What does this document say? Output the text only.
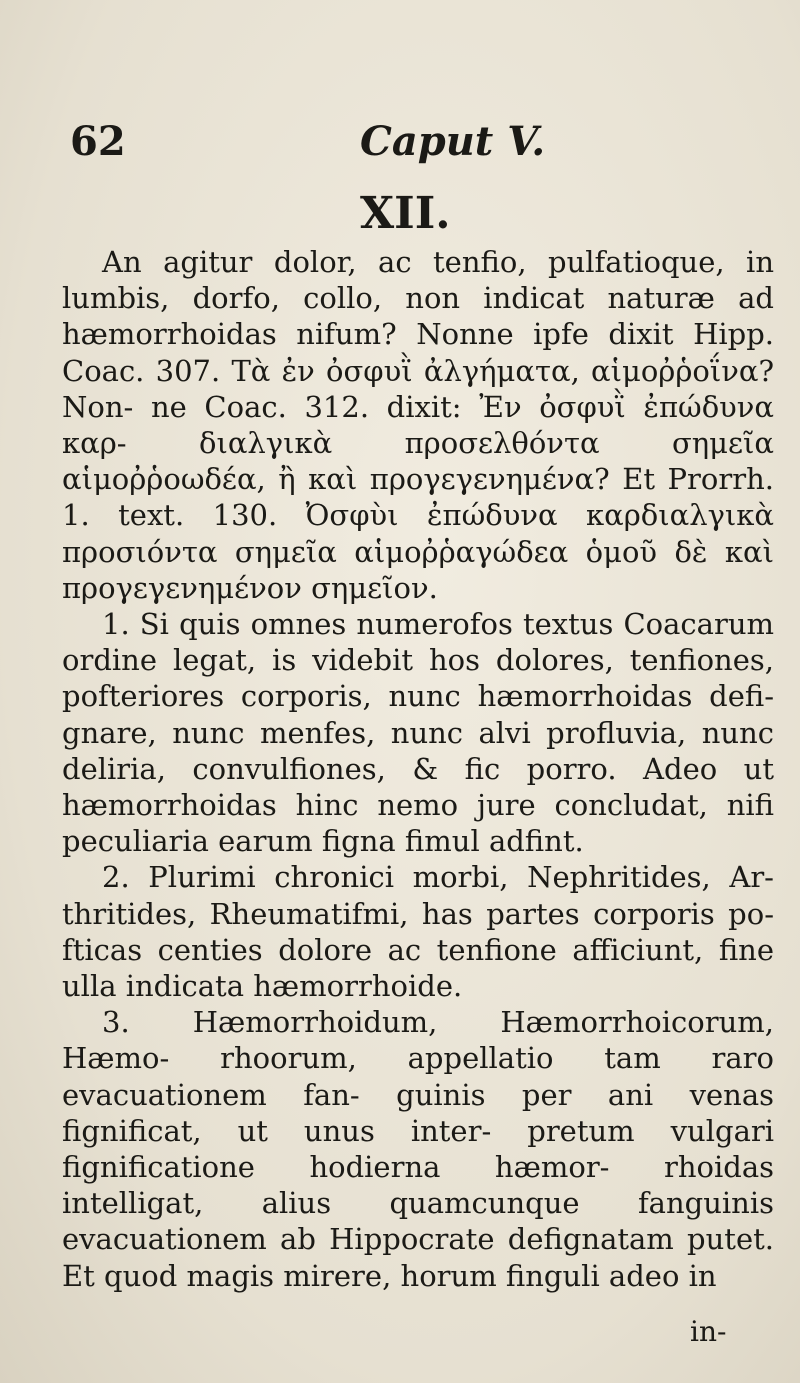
62	Caput V.
XII.

An agitur dolor, ac tenfio, pulfatioque, in lumbis, dorfo, collo, non indicat naturæ ad hæmorrhoidas nifum? Nonne ipfe dixit Hipp. Coac. 307. Τὰ ἐν ὀσφυῒ ἀλγήματα, αἱμοῤῥοΐνα? Non- ne Coac. 312. dixit: Ἐν ὀσφυῒ ἐπώδυνα καρ- διαλγικὰ προσελθόντα σημεῖα αἱμοῤῥοωδέα, ἢ καὶ προγεγενημένα? Et Prorrh. 1. text. 130. Ὀσφὺι ἐπώδυνα καρδιαλγικὰ προσιόντα σημεῖα αἱμοῤῥαγώδεα ὁμοῦ δὲ καὶ προγεγενημένον σημεῖον.

1. Si quis omnes numerofos textus Coacarum ordine legat, is videbit hos dolores, tenfiones, pofteriores corporis, nunc hæmorrhoidas defi- gnare, nunc menfes, nunc alvi profluvia, nunc deliria, convulfiones, & fic porro. Adeo ut hæmorrhoidas hinc nemo jure concludat, nifi peculiaria earum figna fimul adfint.

2. Plurimi chronici morbi, Nephritides, Ar- thritides, Rheumatifmi, has partes corporis po- fticas centies dolore ac tenfione afficiunt, fine ulla indicata hæmorrhoide.

3. Hæmorrhoidum, Hæmorrhoicorum, Hæmo- rhoorum, appellatio tam raro evacuationem fan- guinis per ani venas fignificat, ut unus inter- pretum vulgari fignificatione hodierna hæmor- rhoidas intelligat, alius quamcunque fanguinis evacuationem ab Hippocrate defignatam putet. Et quod magis mirere, horum finguli adeo in

in-
